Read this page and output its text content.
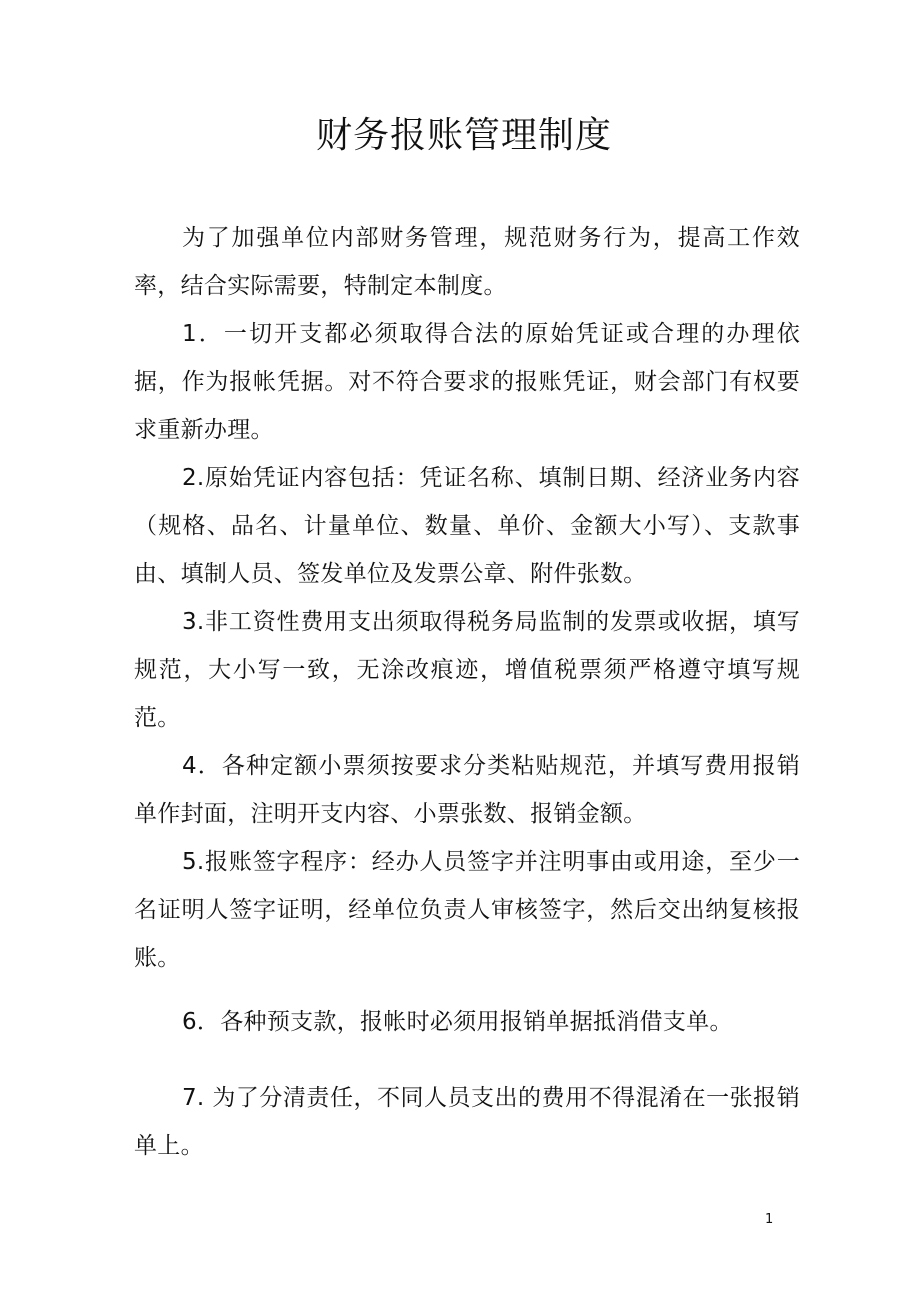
财务报账管理制度

为了加强单位内部财务管理，规范财务行为，提高工作效率，结合实际需要，特制定本制度。

1．一切开支都必须取得合法的原始凭证或合理的办理依据，作为报帐凭据。对不符合要求的报账凭证，财会部门有权要求重新办理。

2.原始凭证内容包括：凭证名称、填制日期、经济业务内容（规格、品名、计量单位、数量、单价、金额大小写）、支款事由、填制人员、签发单位及发票公章、附件张数。

3.非工资性费用支出须取得税务局监制的发票或收据，填写规范，大小写一致，无涂改痕迹，增值税票须严格遵守填写规范。

4．各种定额小票须按要求分类粘贴规范，并填写费用报销单作封面，注明开支内容、小票张数、报销金额。

5.报账签字程序：经办人员签字并注明事由或用途，至少一名证明人签字证明，经单位负责人审核签字，然后交出纳复核报账。

6．各种预支款，报帐时必须用报销单据抵消借支单。

7. 为了分清责任，不同人员支出的费用不得混淆在一张报销单上。

1
